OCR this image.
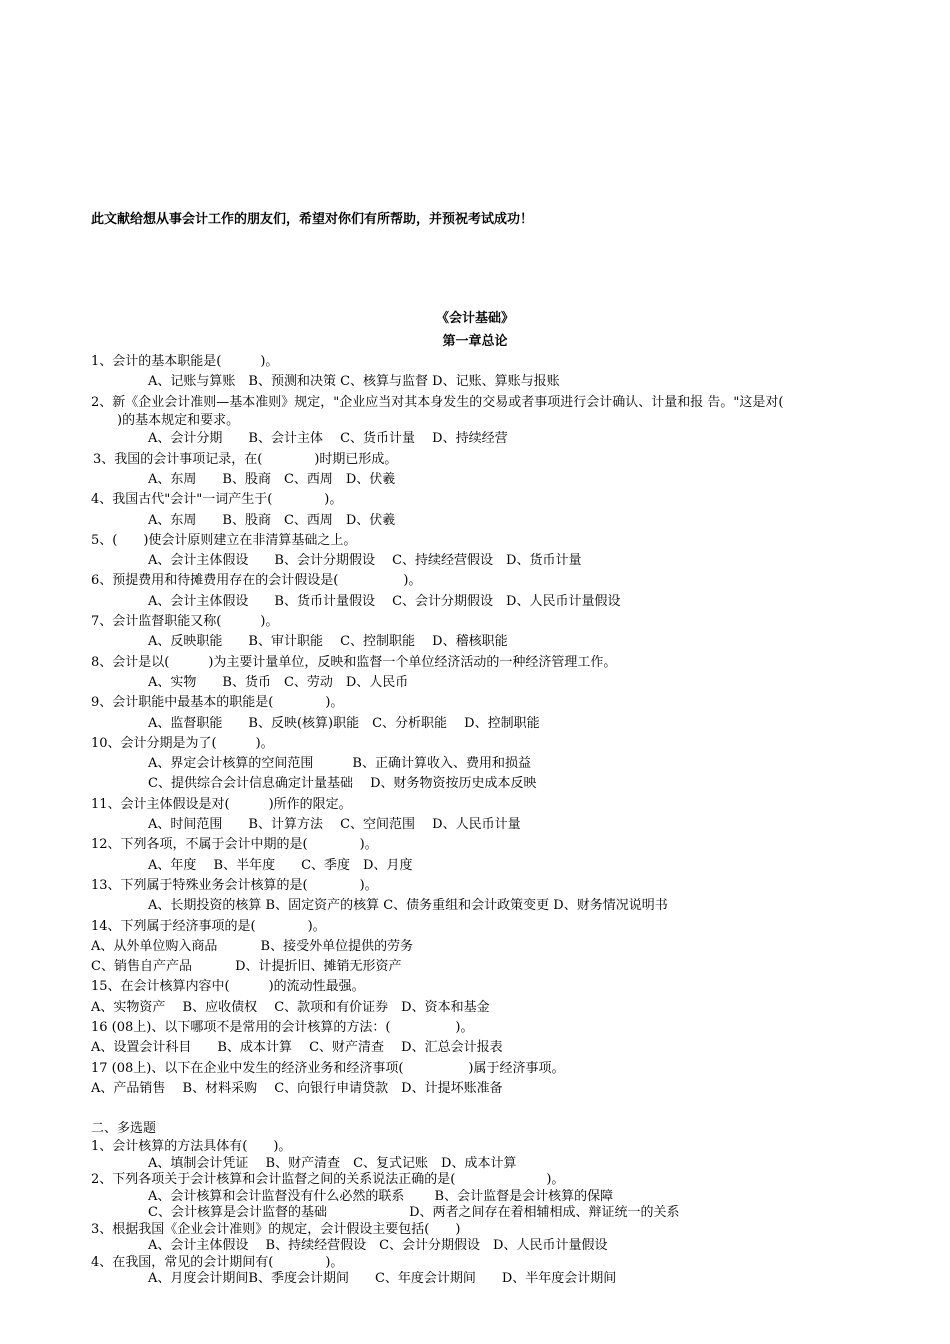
此文献给想从事会计工作的朋友们，希望对你们有所帮助，并预祝考试成功！
《会计基础》
第一章总论
1、会计的基本职能是(　　　)。
A、记账与算账　B、预测和决策 C、核算与监督 D、记账、算账与报账
2、新《企业会计准则—基本准则》规定，"企业应当对其本身发生的交易或者事项进行会计确认、计量和报 告。"这是对(
　　)的基本规定和要求。
A、会计分期　　B、会计主体　 C、货币计量　 D、持续经营
3、我国的会计事项记录，在(　　　　)时期已形成。
A、东周　　B、股商　C、西周　D、伏羲
4、我国古代"会计"一词产生于(　　　　)。
A、东周　　B、股商　C、西周　D、伏羲
5、(　　)使会计原则建立在非清算基础之上。
A、会计主体假设　　B、会计分期假设　 C、持续经营假设　D、货币计量
6、预提费用和待摊费用存在的会计假设是(　　　　　)。
A、会计主体假设　　B、货币计量假设　 C、会计分期假设　D、人民币计量假设
7、会计监督职能又称(　　　)。
A、反映职能　　B、审计职能　 C、控制职能　 D、稽核职能
8、会计是以(　　　)为主要计量单位，反映和监督一个单位经济活动的一种经济管理工作。
A、实物　　B、货币　C、劳动　D、人民币
9、会计职能中最基本的职能是(　　　　)。
A、监督职能　　B、反映(核算)职能　C、分析职能　 D、控制职能
10、会计分期是为了(　　　)。
A、界定会计核算的空间范围　　　B、正确计算收入、费用和损益
C、提供综合会计信息确定计量基础　 D、财务物资按历史成本反映
11、会计主体假设是对(　　　)所作的限定。
A、时间范围　　B、计算方法　 C、空间范围　 D、人民币计量
12、下列各项，不属于会计中期的是(　　　　)。
A、年度　 B、半年度　　C、季度　D、月度
13、下列属于特殊业务会计核算的是(　　　　)。
A、长期投资的核算 B、固定资产的核算 C、债务重组和会计政策变更 D、财务情况说明书
14、下列属于经济事项的是(　　　　)。
A、从外单位购入商品　　　 B、接受外单位提供的劳务
C、销售自产产品　　　 D、计提折旧、摊销无形资产
15、在会计核算内容中(　　　)的流动性最强。
A、实物资产　 B、应收债权　 C、款项和有价证券　D、资本和基金
16 (08上)、以下哪项不是常用的会计核算的方法：(　　　　　)。
A、设置会计科目　　B、成本计算　 C、财产清查　 D、汇总会计报表
17 (08上)、以下在企业中发生的经济业务和经济事项(　　　　　)属于经济事项。
A、产品销售　 B、材料采购　 C、向银行申请贷款　D、计提坏账准备
二、多选题
1、会计核算的方法具体有(　　)。
A、填制会计凭证　 B、财产清查　C、复式记账　D、成本计算
2、下列各项关于会计核算和会计监督之间的关系说法正确的是(　　　　　　　)。
A、会计核算和会计监督没有什么必然的联系　　 B、会计监督是会计核算的保障
C、会计核算是会计监督的基础　　　　　　 D、两者之间存在着相辅相成、辩证统一的关系
3、根据我国《企业会计准则》的规定，会计假设主要包括(　　)
A、会计主体假设　 B、持续经营假设　C、会计分期假设　D、人民币计量假设
4、在我国，常见的会计期间有(　　　　)。
A、月度会计期间B、季度会计期间　　C、年度会计期间　　D、半年度会计期间
